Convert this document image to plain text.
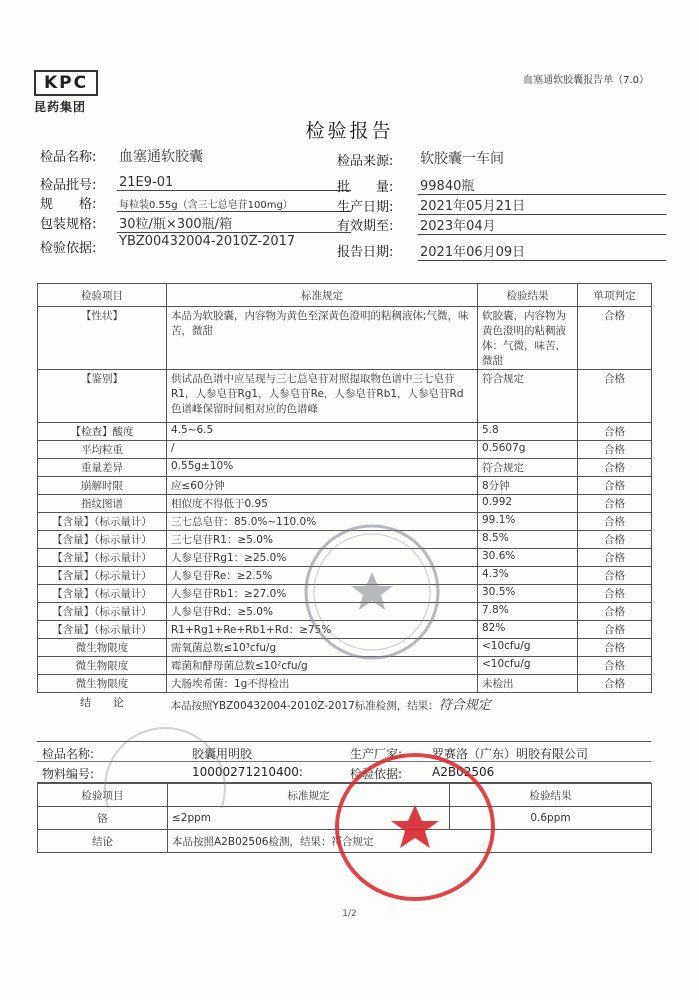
KPC
昆药集团
血塞通软胶囊报告单（7.0）
检验报告
检品名称: 血塞通软胶囊	检品来源: 软胶囊一车间
检品批号: 21E9-01	批　　量: 99840瓶
规　　格: 每粒装0.55g（含三七总皂苷100mg）	生产日期: 2021年05月21日
包装规格: 30粒/瓶×300瓶/箱	有效期至: 2023年04月
检验依据: YBZ00432004-2010Z-2017
报告日期: 2021年06月09日
检验项目	标准规定	检验结果	单项判定
【性状】	本品为软胶囊，内容物为黄色至深黄色澄明的粘稠液体;气微，味苦，微甜	软胶囊，内容物为黄色澄明的粘稠液体：气微，味苦，微甜	合格
【鉴别】	供试品色谱中应呈现与三七总皂苷对照提取物色谱中三七皂苷R1，人参皂苷Rg1，人参皂苷Re，人参皂苷Rb1，人参皂苷Rd色谱峰保留时间相对应的色谱峰	符合规定	合格
【检查】酸度	4.5~6.5	5.8	合格
平均粒重	/	0.5607g	合格
重量差异	0.55g±10%	符合规定	合格
崩解时限	应≤60分钟	8分钟	合格
指纹图谱	相似度不得低于0.95	0.992	合格
【含量】（标示量计）	三七总皂苷：85.0%~110.0%	99.1%	合格
【含量】（标示量计）	三七皂苷R1：≥5.0%	8.5%	合格
【含量】（标示量计）	人参皂苷Rg1：≥25.0%	30.6%	合格
【含量】（标示量计）	人参皂苷Re：≥2.5%	4.3%	合格
【含量】（标示量计）	人参皂苷Rb1：≥27.0%	30.5%	合格
【含量】（标示量计）	人参皂苷Rd：≥5.0%	7.8%	合格
【含量】（标示量计）	R1+Rg1+Re+Rb1+Rd：≥75%	82%	合格
微生物限度	需氧菌总数≤10³cfu/g	<10cfu/g	合格
微生物限度	霉菌和酵母菌总数≤10²cfu/g	<10cfu/g	合格
微生物限度	大肠埃希菌：1g不得检出	未检出	合格
结　　论	本品按照YBZ00432004-2010Z-2017标准检测，结果：符合规定		
检品名称:	胶囊用明胶	生产厂家: 罗赛洛（广东）明胶有限公司
物料编号:	10000271210400:	检验依据: A2B02506
检验项目	标准规定	检验结果
铬	≤2ppm	0.6ppm
结论	本品按照A2B02506检测，结果：符合规定	
1/2
